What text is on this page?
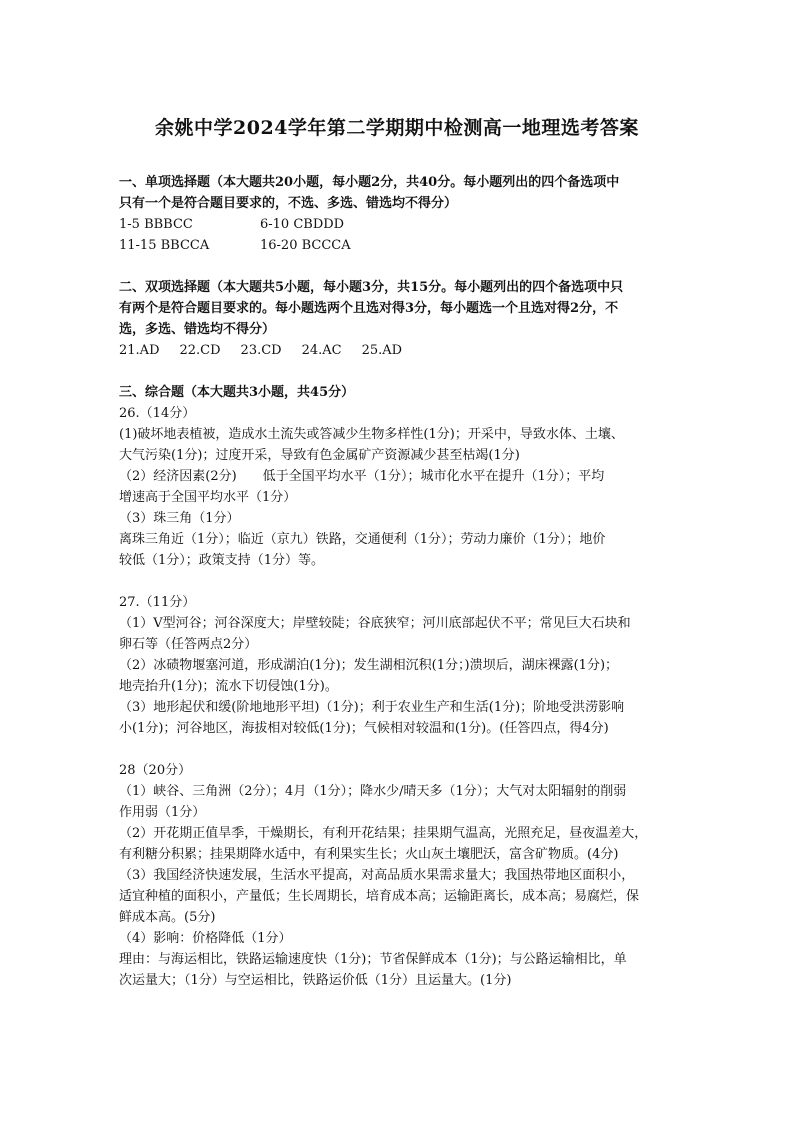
余姚中学2024学年第二学期期中检测高一地理选考答案
一、单项选择题（本大题共20小题，每小题2分，共40分。每小题列出的四个备选项中
只有一个是符合题目要求的，不选、多选、错选均不得分）
1-5 BBBCC	6-10 CBDDD
11-15 BBCCA	16-20 BCCCA
二、双项选择题（本大题共5小题，每小题3分，共15分。每小题列出的四个备选项中只
有两个是符合题目要求的。每小题选两个且选对得3分，每小题选一个且选对得2分，不
选，多选、错选均不得分）
21.AD 22.CD 23.CD 24.AC 25.AD
三、综合题（本大题共3小题，共45分）
26.（14分）
(1)破坏地表植被，造成水土流失或答减少生物多样性(1分)；开采中，导致水体、土壤、
大气污染(1分)；过度开采，导致有色金属矿产资源减少甚至枯竭(1分)
（2）经济因素(2分)　　低于全国平均水平（1分）；城市化水平在提升（1分）；平均
增速高于全国平均水平（1分）
（3）珠三角（1分）
离珠三角近（1分）；临近（京九）铁路，交通便利（1分）；劳动力廉价（1分）；地价
较低（1分）；政策支持（1分）等。
27.（11分）
（1）V型河谷；河谷深度大；岸壁较陡；谷底狭窄；河川底部起伏不平；常见巨大石块和
卵石等（任答两点2分）
（2）冰碛物堰塞河道，形成湖泊(1分)；发生湖相沉积(1分；)溃坝后，湖床裸露(1分)；
地壳抬升(1分)；流水下切侵蚀(1分)。
（3）地形起伏和缓(阶地地形平坦)（1分)；利于农业生产和生活(1分)；阶地受洪涝影响
小(1分)；河谷地区，海拔相对较低(1分)；气候相对较温和(1分)。(任答四点，得4分)
28（20分）
（1）峡谷、三角洲（2分）；4月（1分）；降水少/晴天多（1分）；大气对太阳辐射的削弱
作用弱（1分）
（2）开花期正值旱季，干燥期长，有利开花结果；挂果期气温高，光照充足，昼夜温差大，
有利糖分积累；挂果期降水适中，有利果实生长；火山灰土壤肥沃，富含矿物质。(4分)
（3）我国经济快速发展，生活水平提高，对高品质水果需求量大；我国热带地区面积小，
适宜种植的面积小，产量低；生长周期长，培育成本高；运输距离长，成本高；易腐烂，保
鲜成本高。(5分)
（4）影响：价格降低（1分）
理由：与海运相比，铁路运输速度快（1分)；节省保鲜成本（1分)；与公路运输相比，单
次运量大；（1分）与空运相比，铁路运价低（1分）且运量大。(1分)
